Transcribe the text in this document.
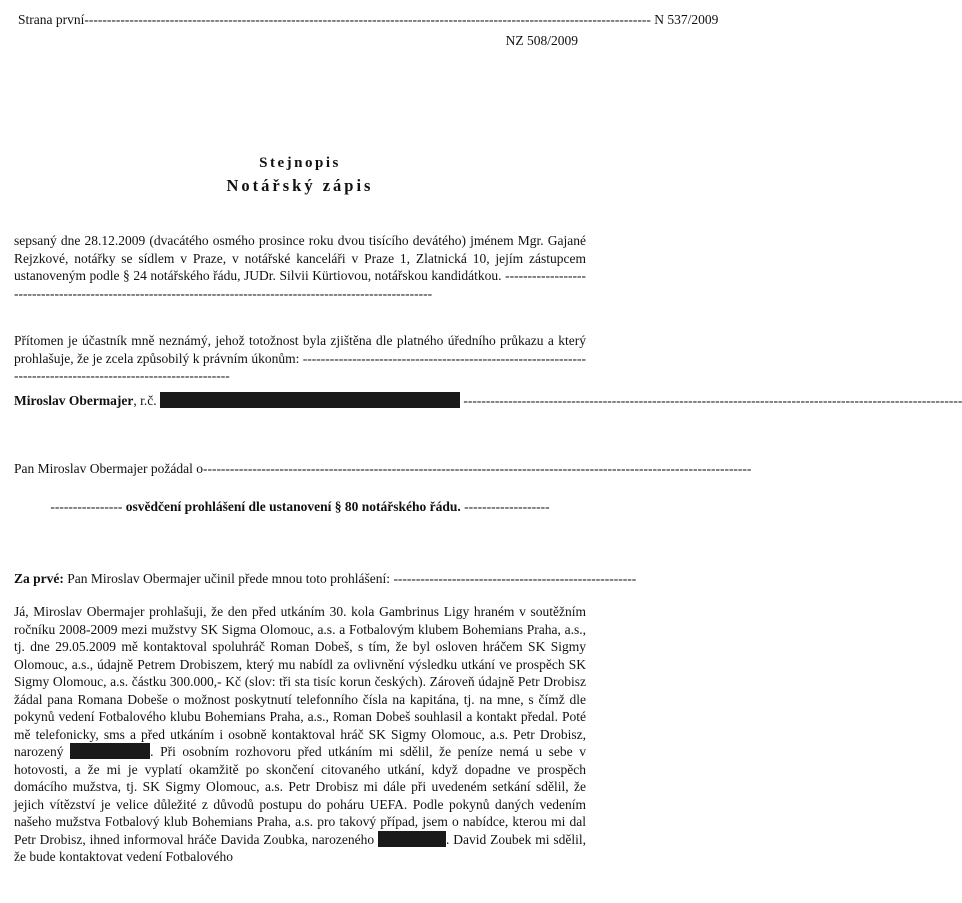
Strana první
-----	N 537/2009
NZ 508/2009
Stejnopis
Notářský zápis
sepsaný dne 28.12.2009 (dvacátého osmého prosince roku dvou tisícího devátého) jménem Mgr. Gajané Rejzkové, notářky se sídlem v Praze, v notářské kanceláři v Praze 1, Zlatnická 10, jejím zástupcem ustanoveným podle § 24 notářského řádu, JUDr. Silvii Kürtiovou, notářskou kandidátkou. -----
Přítomen je účastník mně neznámý, jehož totožnost byla zjištěna dle platného úředního průkazu a který prohlašuje, že je zcela způsobilý k právním úkonům: -----
Miroslav Obermajer, r.č.  -----
Pan Miroslav Obermajer požádal o--------------------------------------------------------------------------------------------------------------------------
---------------- osvědčení prohlášení dle ustanovení § 80 notářského řádu. -------------------
Za prvé: Pan Miroslav Obermajer učinil přede mnou toto prohlášení: ------------------------------------------------------
Já, Miroslav Obermajer prohlašuji, že den před utkáním 30. kola Gambrinus Ligy hraném v soutěžním ročníku 2008-2009 mezi mužstvy SK Sigma Olomouc, a.s. a Fotbalovým klubem Bohemians Praha, a.s., tj. dne 29.05.2009 mě kontaktoval spoluhráč Roman Dobeš, s tím, že byl osloven hráčem SK Sigmy Olomouc, a.s., údajně Petrem Drobiszem, který mu nabídl za ovlivnění výsledku utkání ve prospěch SK Sigmy Olomouc, a.s. částku 300.000,- Kč (slov: tři sta tisíc korun českých). Zároveň údajně Petr Drobisz žádal pana Romana Dobeše o možnost poskytnutí telefonního čísla na kapitána, tj. na mne, s čímž dle pokynů vedení Fotbalového klubu Bohemians Praha, a.s., Roman Dobeš souhlasil a kontakt předal. Poté mě telefonicky, sms a před utkáním i osobně kontaktoval hráč SK Sigmy Olomouc, a.s. Petr Drobisz, narozený	. Při osobním rozhovoru před utkáním mi sdělil, že peníze nemá u sebe v hotovosti, a že mi je vyplatí okamžitě po skončení citovaného utkání, když dopadne ve prospěch domácího mužstva, tj. SK Sigmy Olomouc, a.s. Petr Drobisz mi dále při uvedeném setkání sdělil, že jejich vítězství je velice důležité z důvodů postupu do poháru UEFA. Podle pokynů daných vedením našeho mužstva Fotbalový klub Bohemians Praha, a.s. pro takový případ, jsem o nabídce, kterou mi dal Petr Drobisz, ihned informoval hráče Davida Zoubka, narozeného	. David Zoubek mi sdělil, že bude kontaktovat vedení Fotbalového
